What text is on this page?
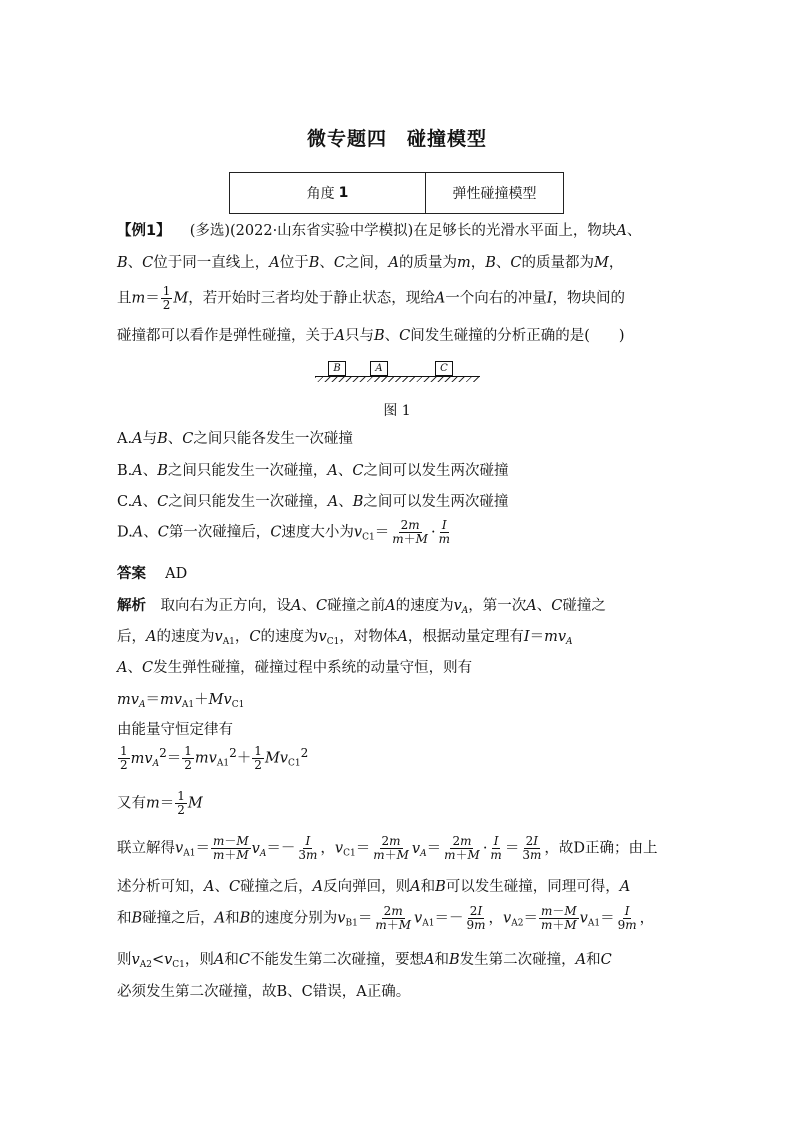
微专题四　碰撞模型
角度 1	弹性碰撞模型
【例1】 　(多选)(2022·山东省实验中学模拟)在足够长的光滑水平面上，物块A、
B、C位于同一直线上，A位于B、C之间，A的质量为m，B、C的质量都为M，
且$m= \frac{1}{2}$ M，若开始时三者均处于静止状态，现给A一个向右的冲量I，物块间的
碰撞都可以看作是弹性碰撞，关于A只与B、C间发生碰撞的分析正确的是(　　)
B	A	C
图 1
A.A与B、C之间只能各发生一次碰撞
B.A、B之间只能发生一次碰撞，A、C之间可以发生两次碰撞
C.A、C之间只能发生一次碰撞，A、B之间可以发生两次碰撞
D.A、C第一次碰撞后，C速度大小为$v_{C1}= \frac{2m}{m+M} \cdot \frac{I}{m}$
答案　 AD
解析　取向右为正方向，设A、C碰撞之前A的速度为$v_A$，第一次A、C碰撞之
后，A的速度为$v_{A1}$，C的速度为$v_{C1}$，对物体A，根据动量定理有$I=mv_A$
A、C发生弹性碰撞，碰撞过程中系统的动量守恒，则有
$mv_A=mv_{A1}+Mv_{C1}$
由能量守恒定律有
$\frac{1}{2} mv_A^2= \frac{1}{2} mv_{A1}^2+ \frac{1}{2} Mv_{C1}^2$
又有$m= \frac{1}{2}$ M
联立解得$v_{A1}= \frac{m-M}{m+M} v_A=- \frac{I}{3m}$ ，$v_{C1}= \frac{2m}{m+M} v_A= \frac{2m}{m+M} \cdot \frac{I}{m} = \frac{2I}{3m}$ ，故D正确；由上
述分析可知，A、C碰撞之后，A反向弹回，则A和B可以发生碰撞，同理可得，A
和B碰撞之后，A和B的速度分别为$v_{B1}= \frac{2m}{m+M} v_{A1}=- \frac{2I}{9m}$ ，$v_{A2}= \frac{m-M}{m+M} v_{A1}= \frac{I}{9m}$ ，
则$v_{A2}<v_{C1}$，则A和C不能发生第二次碰撞，要想A和B发生第二次碰撞，A和C
必须发生第二次碰撞，故B、C错误，A正确。
